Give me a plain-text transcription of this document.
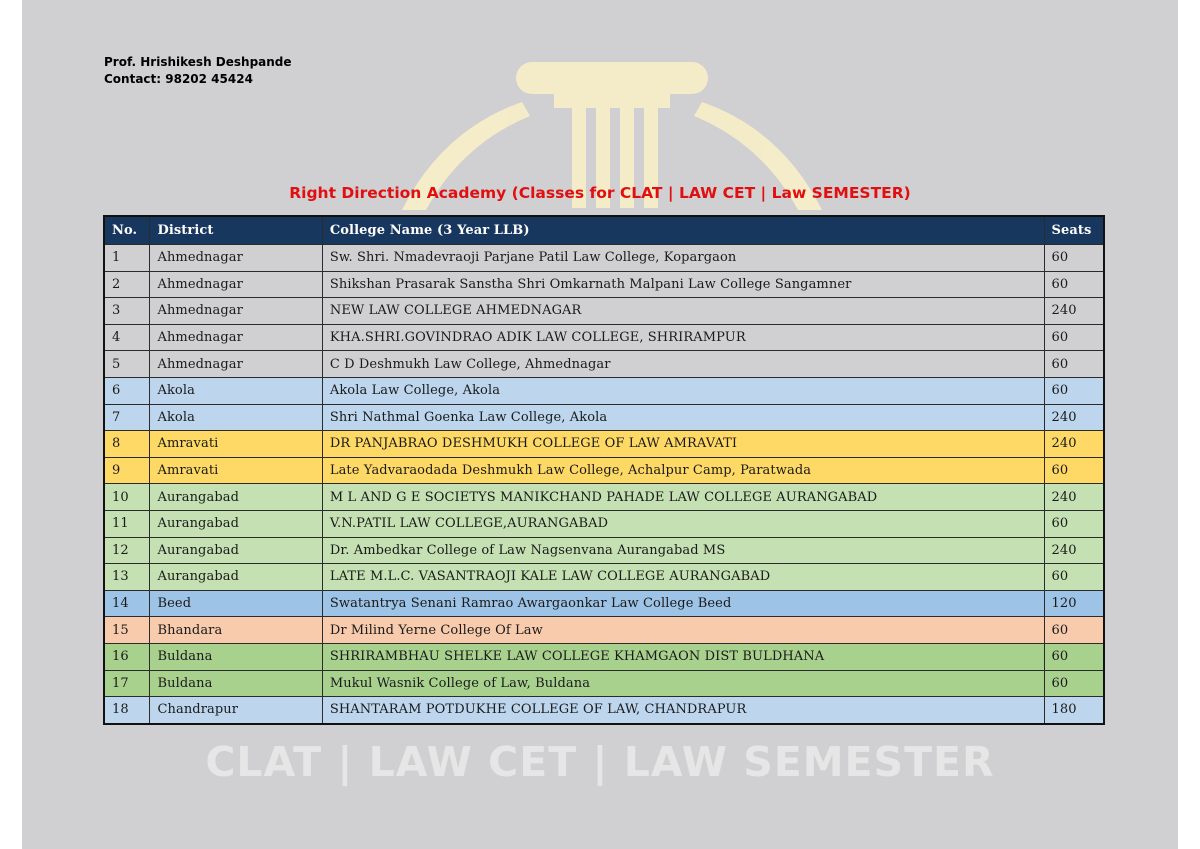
Prof. Hrishikesh Deshpande
Contact: 98202 45424
Right Direction Academy (Classes for CLAT | LAW CET | Law SEMESTER)
No.	District	College Name (3 Year LLB)	Seats
1	Ahmednagar	Sw. Shri. Nmadevraoji Parjane Patil Law College, Kopargaon	60
2	Ahmednagar	Shikshan Prasarak Sanstha Shri Omkarnath Malpani Law College Sangamner	60
3	Ahmednagar	NEW LAW COLLEGE AHMEDNAGAR	240
4	Ahmednagar	KHA.SHRI.GOVINDRAO ADIK LAW COLLEGE, SHRIRAMPUR	60
5	Ahmednagar	C D Deshmukh Law College, Ahmednagar	60
6	Akola	Akola Law College, Akola	60
7	Akola	Shri Nathmal Goenka Law College, Akola	240
8	Amravati	DR PANJABRAO DESHMUKH COLLEGE OF LAW AMRAVATI	240
9	Amravati	Late Yadvaraodada Deshmukh Law College, Achalpur Camp, Paratwada	60
10	Aurangabad	M L AND G E SOCIETYS MANIKCHAND PAHADE LAW COLLEGE AURANGABAD	240
11	Aurangabad	V.N.PATIL LAW COLLEGE,AURANGABAD	60
12	Aurangabad	Dr. Ambedkar College of Law Nagsenvana Aurangabad MS	240
13	Aurangabad	LATE M.L.C. VASANTRAOJI KALE LAW COLLEGE AURANGABAD	60
14	Beed	Swatantrya Senani Ramrao Awargaonkar Law College Beed	120
15	Bhandara	Dr Milind Yerne College Of Law	60
16	Buldana	SHRIRAMBHAU SHELKE LAW COLLEGE KHAMGAON DIST BULDHANA	60
17	Buldana	Mukul Wasnik College of Law, Buldana	60
18	Chandrapur	SHANTARAM POTDUKHE COLLEGE OF LAW, CHANDRAPUR	180
CLAT | LAW CET | LAW SEMESTER
